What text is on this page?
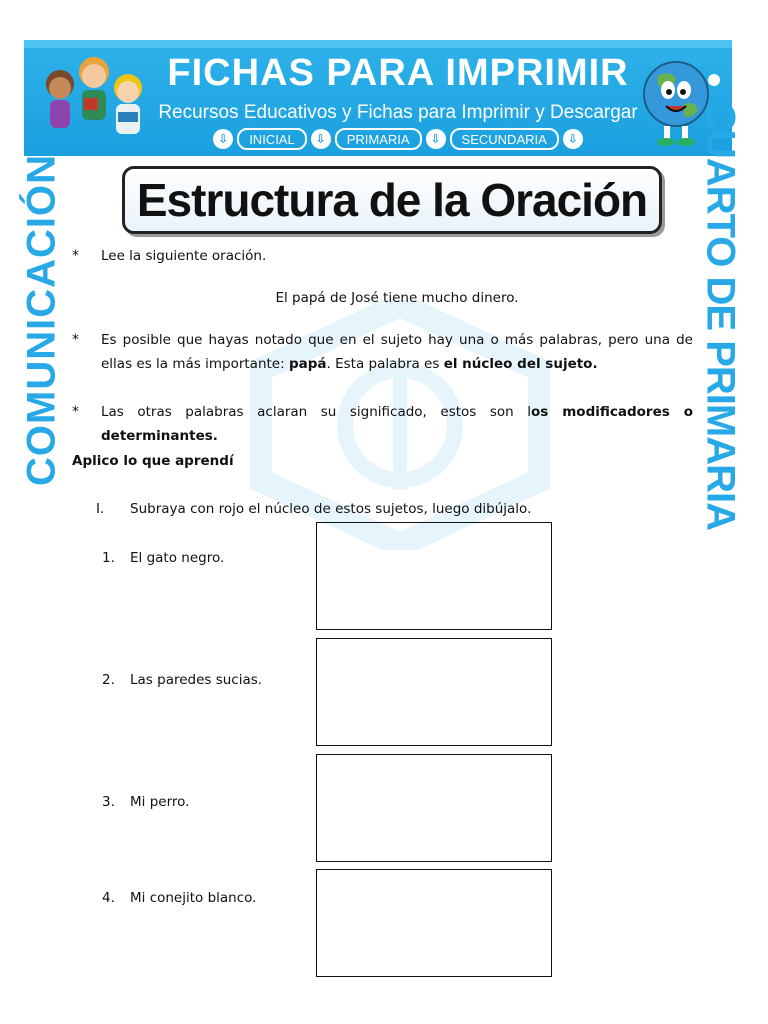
FICHAS PARA IMPRIMIR
Recursos Educativos y Fichas para Imprimir y Descargar
⇩	INICIAL	⇩	PRIMARIA	⇩	SECUNDARIA	⇩
COMUNICACIÓN	CUARTO DE PRIMARIA
Estructura de la Oración
* Lee la siguiente oración.
El papá de José tiene mucho dinero.
* Es posible que hayas notado que en el sujeto hay una o más palabras, pero una de ellas es la más importante: papá. Esta palabra es el núcleo del sujeto.
* Las otras palabras aclaran su significado, estos son los modificadores o determinantes.
Aplico lo que aprendí
I. Subraya con rojo el núcleo de estos sujetos, luego dibújalo.
1. El gato negro.
2. Las paredes sucias.
3. Mi perro.
4. Mi conejito blanco.
